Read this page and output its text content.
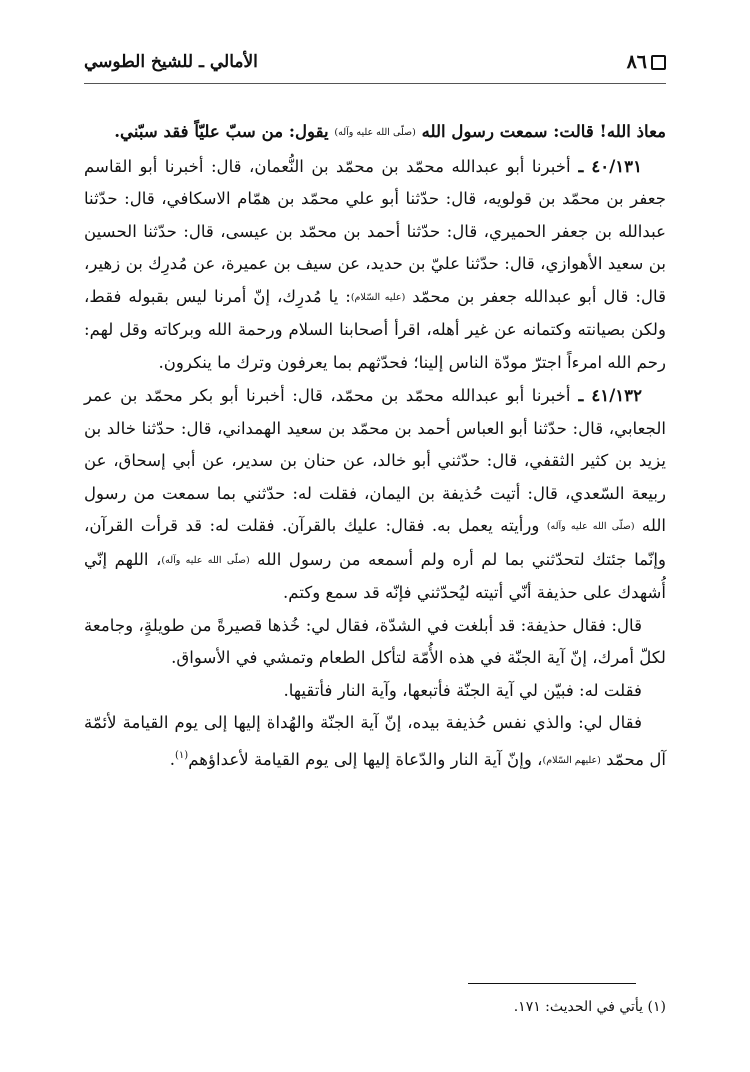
٨٦
الأمالي ـ للشيخ الطوسي

معاذ الله! قالت: سمعت رسول الله (صلّی الله علیه وآله) يقول: من سبّ عليّاً فقد سبّني.

٤٠/١٣١ ـ أخبرنا أبو عبدالله محمّد بن محمّد بن النُّعمان، قال: أخبرنا أبو القاسم جعفر بن محمّد بن قولويه، قال: حدّثنا أبو علي محمّد بن همّام الاسكافي، قال: حدّثنا عبدالله بن جعفر الحميري، قال: حدّثنا أحمد بن محمّد بن عيسى، قال: حدّثنا الحسين بن سعيد الأهوازي، قال: حدّثنا عليّ بن حديد، عن سيف بن عميرة، عن مُدرِك بن زهير، قال: قال أبو عبدالله جعفر بن محمّد (عليه السّلام): يا مُدرِك، إنّ أمرنا ليس بقبوله فقط، ولكن بصيانته وكتمانه عن غير أهله، اقرأ أصحابنا السلام ورحمة الله وبركاته وقل لهم: رحم الله امرءاً اجترّ مودّة الناس إلينا؛ فحدّثهم بما يعرفون وترك ما ينكرون.

٤١/١٣٢ ـ أخبرنا أبو عبدالله محمّد بن محمّد، قال: أخبرنا أبو بكر محمّد بن عمر الجعابي، قال: حدّثنا أبو العباس أحمد بن محمّد بن سعيد الهمداني، قال: حدّثنا خالد بن يزيد بن كثير الثقفي، قال: حدّثني أبو خالد، عن حنان بن سدير، عن أبي إسحاق، عن ربيعة السّعدي، قال: أتيت حُذيفة بن اليمان، فقلت له: حدّثني بما سمعت من رسول الله (صلّی الله علیه وآله) ورأيته يعمل به. فقال: عليك بالقرآن. فقلت له: قد قرأت القرآن، وإنّما جئتك لتحدّثني بما لم أره ولم أسمعه من رسول الله (صلّی الله علیه وآله)، اللهم إنّي أُشهدك على حذيفة أنّي أتيته ليُحدّثني فإنّه قد سمع وكتم.

قال: فقال حذيفة: قد أبلغت في الشدّة، فقال لي: خُذها قصيرةً من طويلةٍ، وجامعة لكلّ أمرك، إنّ آية الجنّة في هذه الأُمّة لتأكل الطعام وتمشي في الأسواق.

فقلت له: فبيّن لي آية الجنّة فأتبعها، وآية النار فأتقيها.

فقال لي: والذي نفس حُذيفة بيده، إنّ آية الجنّة والهُداة إليها إلى يوم القيامة لأئمّة آل محمّد (عليهم السّلام)، وإنّ آية النار والدّعاة إليها إلى يوم القيامة لأعداؤهم$^{(١)}$.

(١) يأتي في الحديث: ١٧١.
